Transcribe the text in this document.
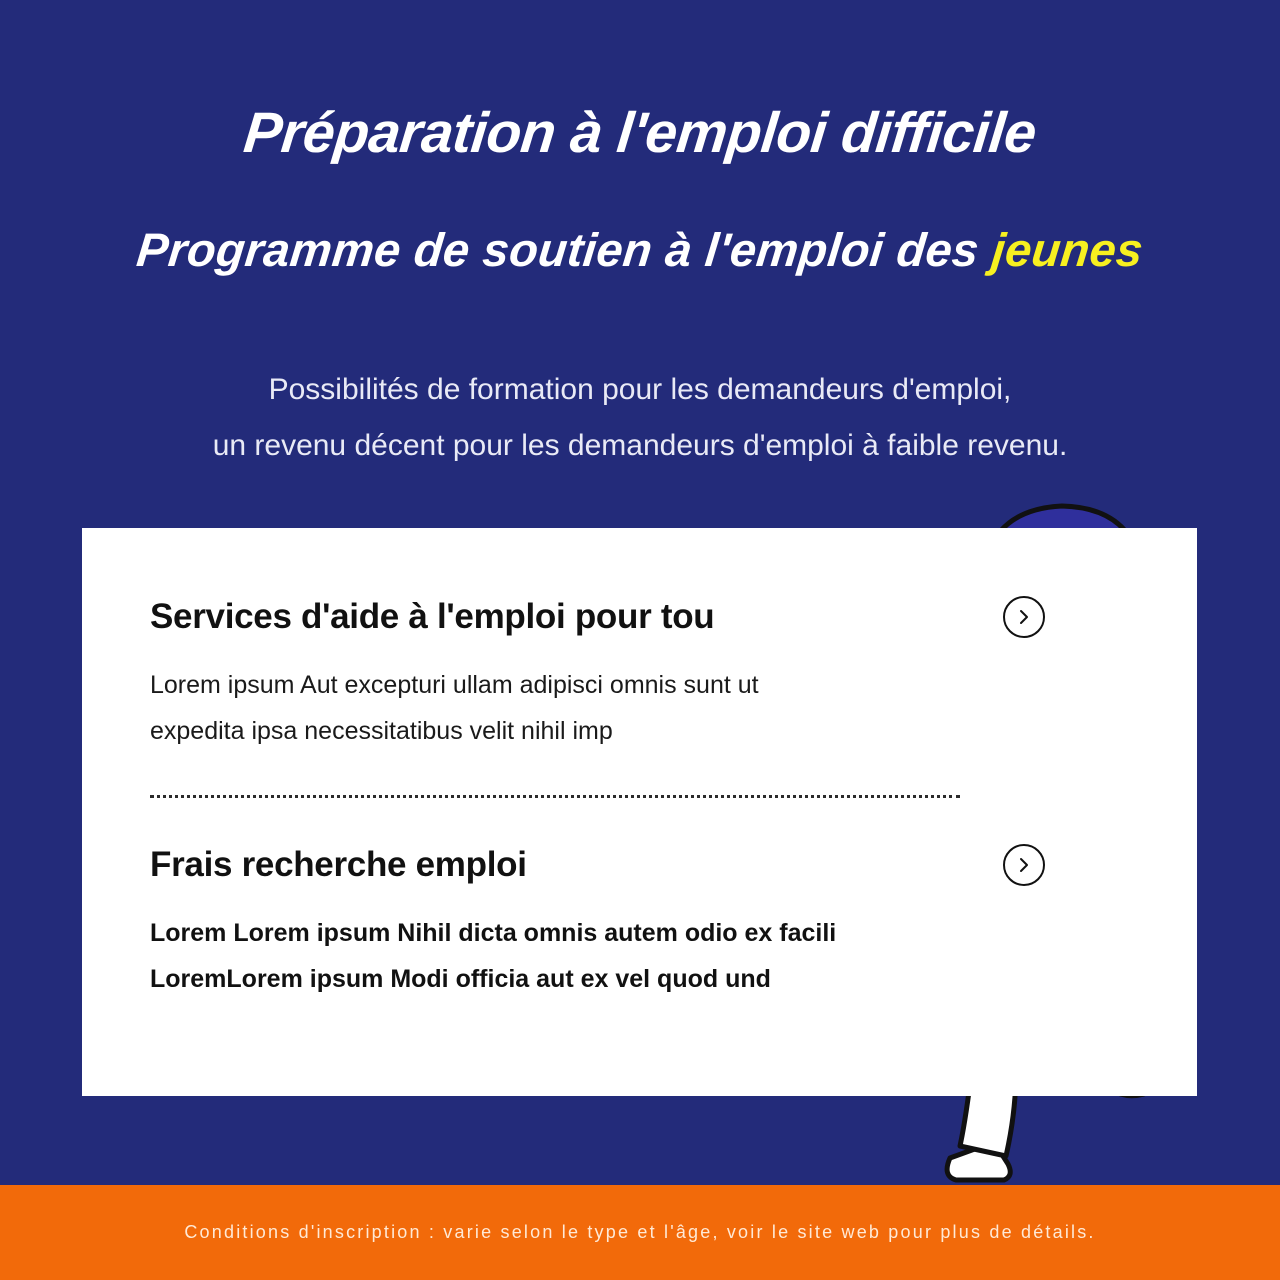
Préparation à l'emploi difficile
Programme de soutien à l'emploi des jeunes

Possibilités de formation pour les demandeurs d'emploi,
un revenu décent pour les demandeurs d'emploi à faible revenu.

Services d'aide à l'emploi pour tou
Lorem ipsum Aut excepturi ullam adipisci omnis sunt ut
expedita ipsa necessitatibus velit nihil imp
Frais recherche emploi
Lorem Lorem ipsum Nihil dicta omnis autem odio ex facili
LoremLorem ipsum Modi officia aut ex vel quod und
Conditions d'inscription : varie selon le type et l'âge, voir le site web pour plus de détails.
